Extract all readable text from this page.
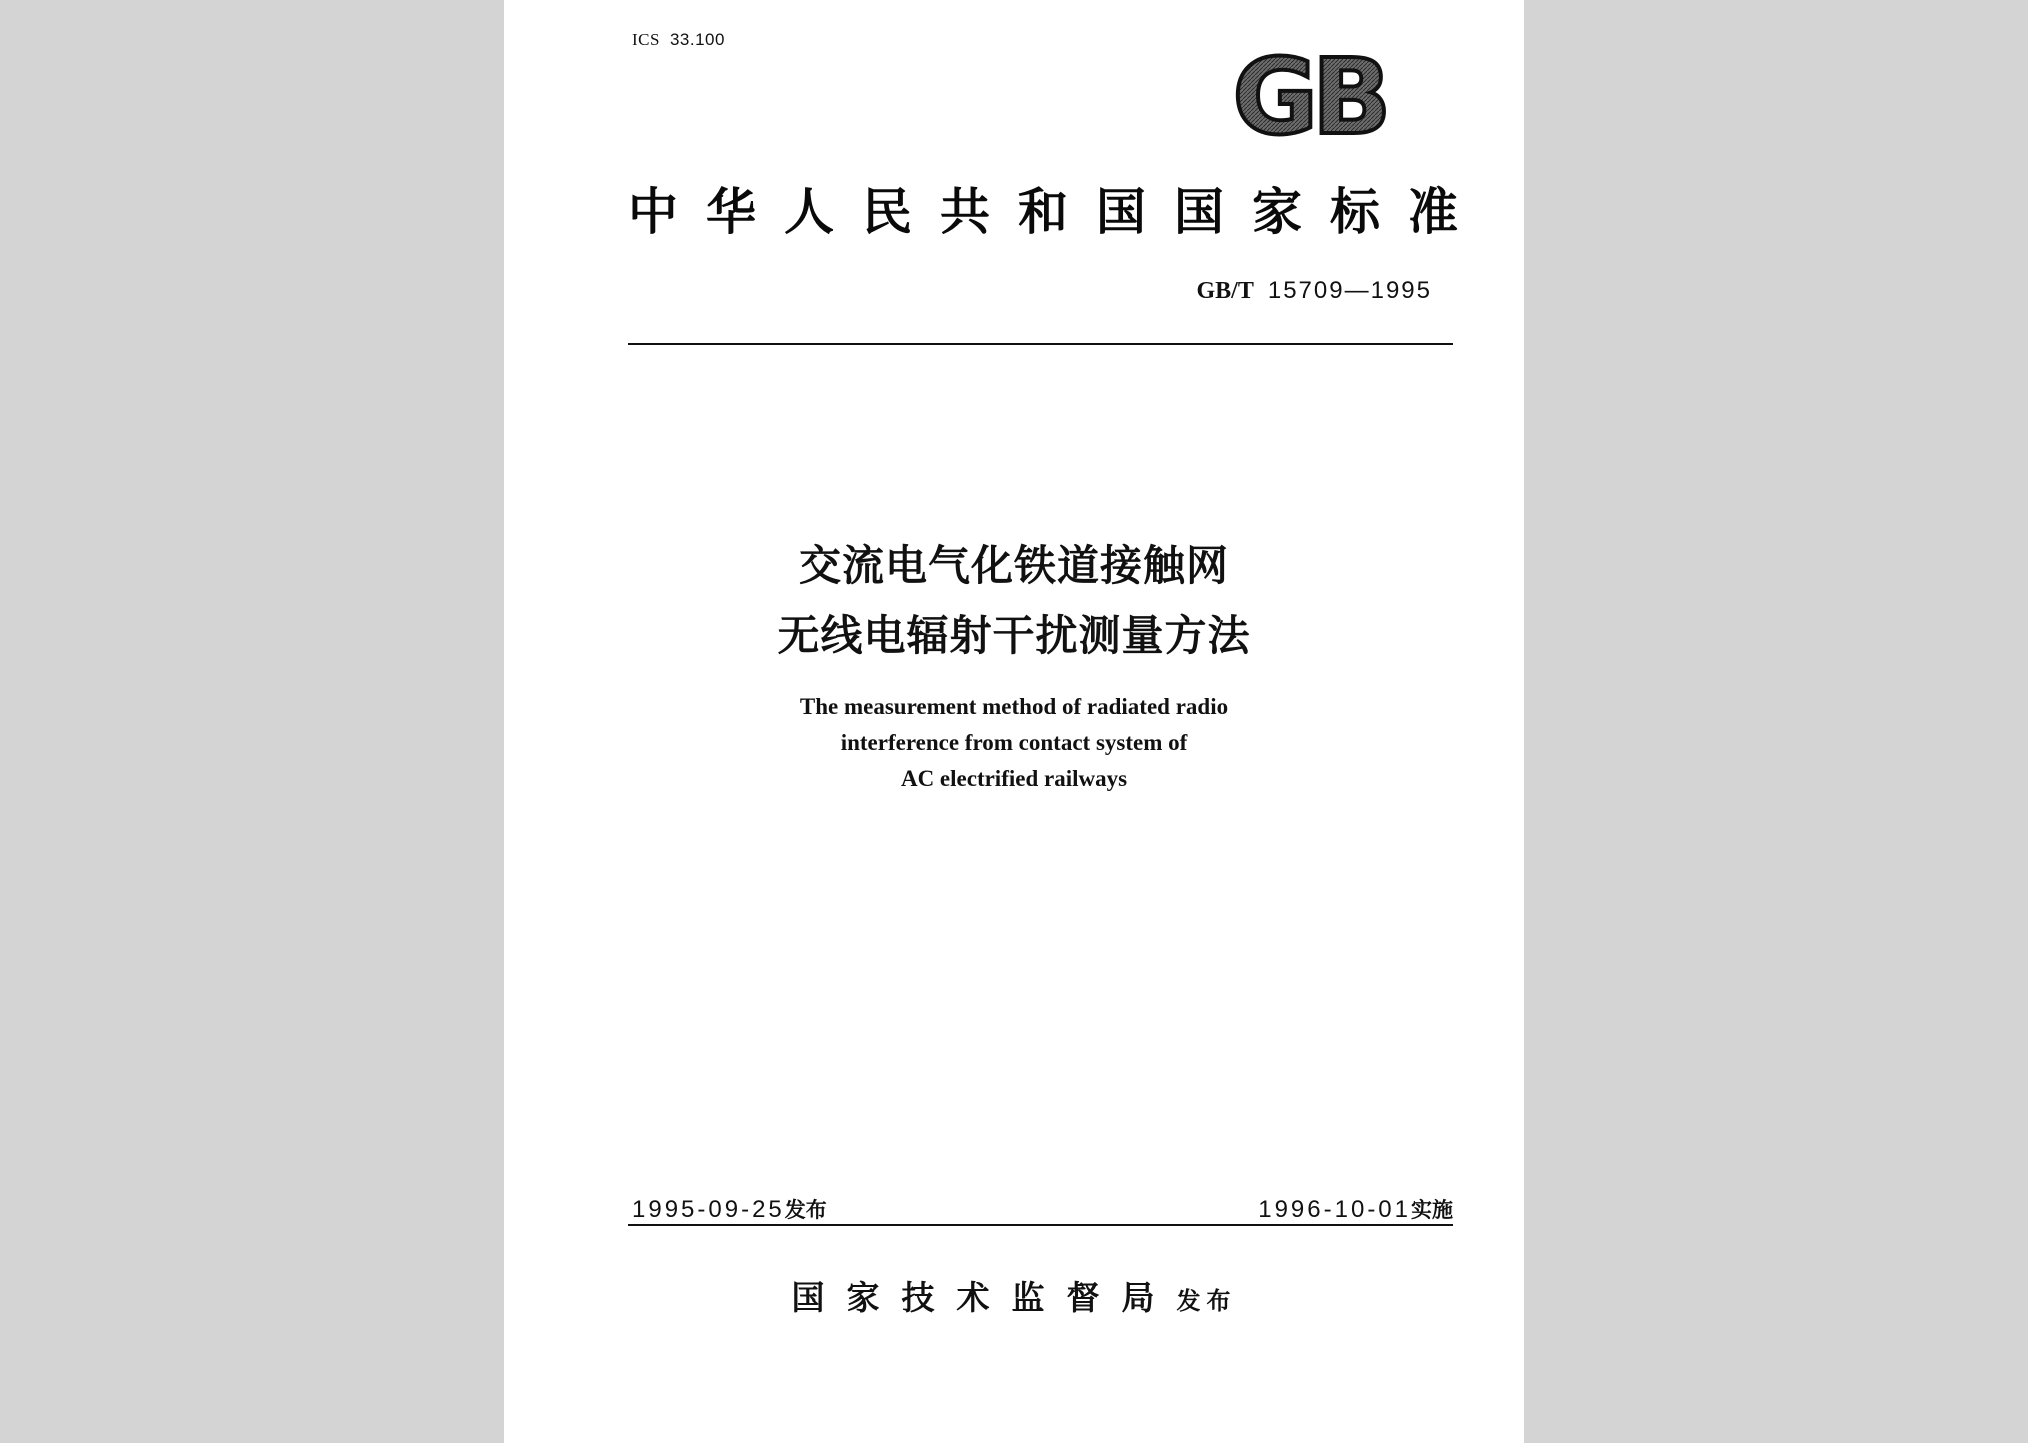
ICS 33.100	GB
中华人民共和国国家标准
GB/T 15709—1995
交流电气化铁道接触网
无线电辐射干扰测量方法
The measurement method of radiated radio
interference from contact system of
AC electrified railways
1995-09-25发布	1996-10-01实施
国家技术监督局发布
